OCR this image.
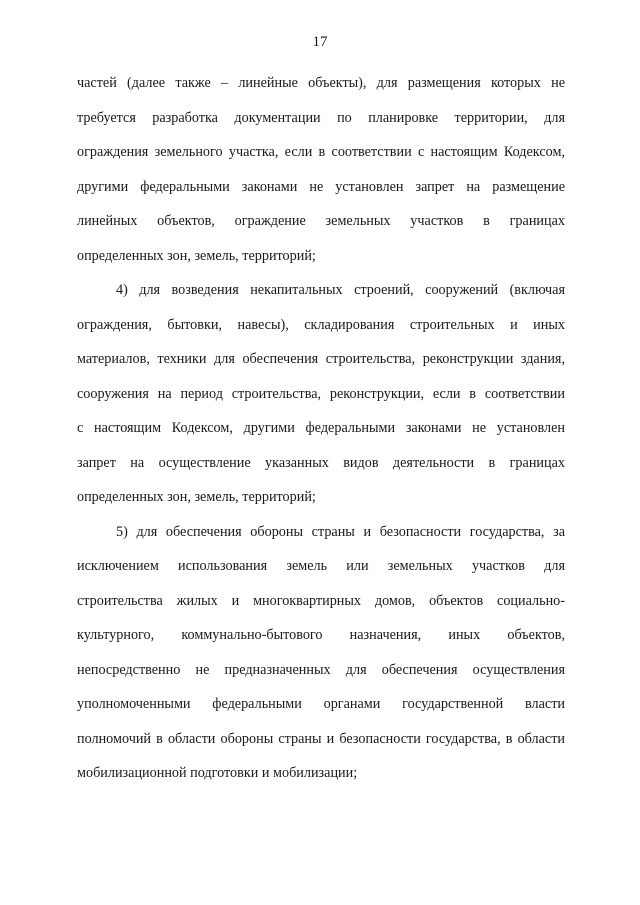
17
частей (далее также – линейные объекты), для размещения которых не
требуется разработка документации по планировке территории, для
ограждения земельного участка, если в соответствии с настоящим Кодексом,
другими федеральными законами не установлен запрет на размещение
линейных объектов, ограждение земельных участков в границах
определенных зон, земель, территорий;
4) для возведения некапитальных строений, сооружений (включая
ограждения, бытовки, навесы), складирования строительных и иных
материалов, техники для обеспечения строительства, реконструкции здания,
сооружения на период строительства, реконструкции, если в соответствии
с настоящим Кодексом, другими федеральными законами не установлен
запрет на осуществление указанных видов деятельности в границах
определенных зон, земель, территорий;
5) для обеспечения обороны страны и безопасности государства, за
исключением использования земель или земельных участков для
строительства жилых и многоквартирных домов, объектов социально-
культурного, коммунально-бытового назначения, иных объектов,
непосредственно не предназначенных для обеспечения осуществления
уполномоченными федеральными органами государственной власти
полномочий в области обороны страны и безопасности государства, в области
мобилизационной подготовки и мобилизации;
